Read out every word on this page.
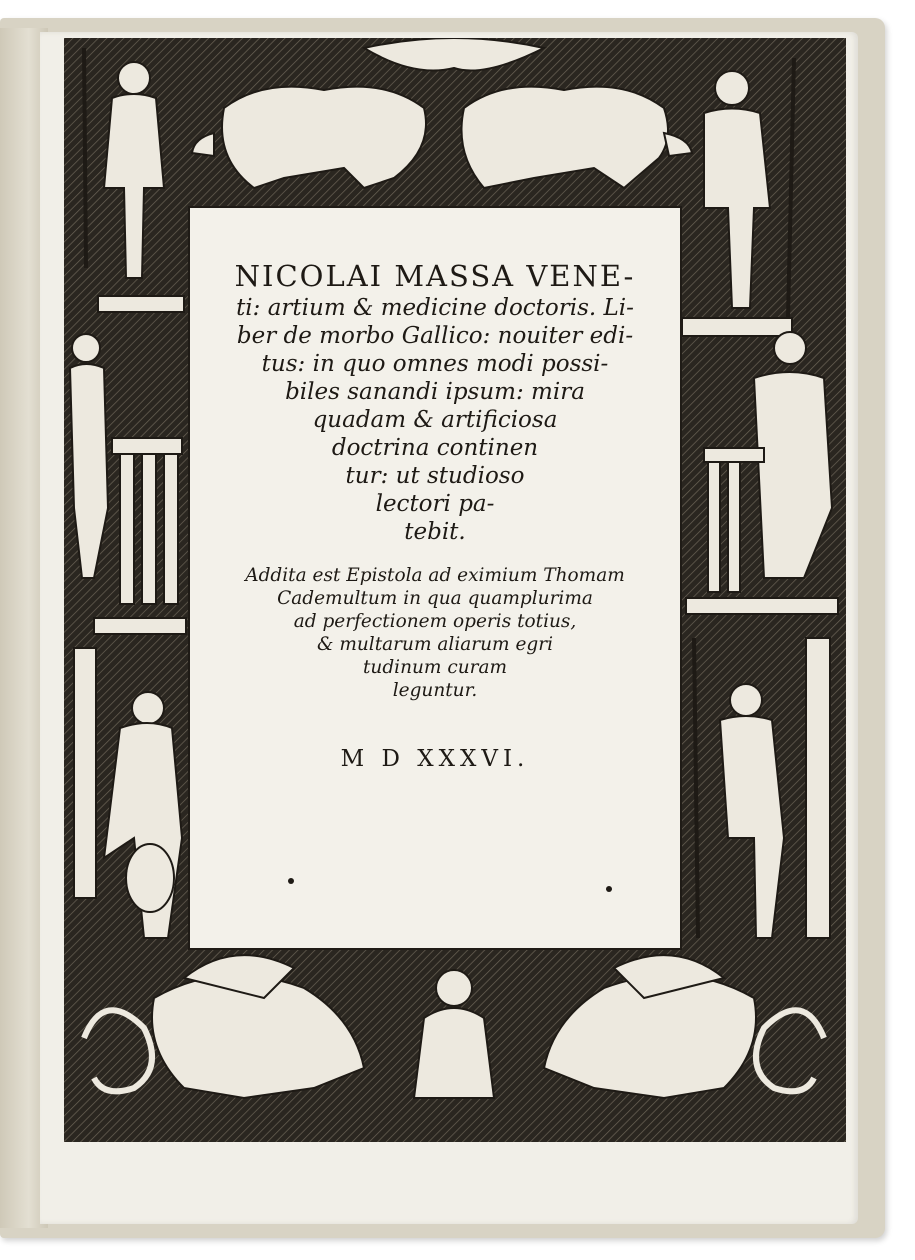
NICOLAI MASSA VENE-
ti: artium & medicine doctoris. Li-
ber de morbo Gallico: nouiter edi-
tus: in quo omnes modi possi-
biles sanandi ipsum: mira
quadam & artificiosa
doctrina continen
tur: ut studioso
lectori pa-
tebit.
Addita est Epistola ad eximium Thomam
Cademultum in qua quamplurima
ad perfectionem operis totius,
& multarum aliarum egri
tudinum curam
leguntur.
M D XXXVI.
